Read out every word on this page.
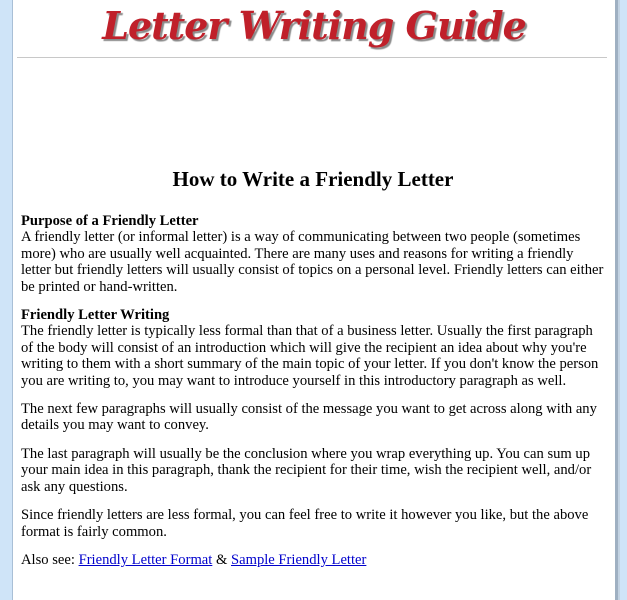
Letter Writing Guide
How to Write a Friendly Letter

Purpose of a Friendly Letter
A friendly letter (or informal letter) is a way of communicating between two people (sometimes more) who are usually well acquainted. There are many uses and reasons for writing a friendly letter but friendly letters will usually consist of topics on a personal level. Friendly letters can either be printed or hand-written.

Friendly Letter Writing
The friendly letter is typically less formal than that of a business letter. Usually the first paragraph of the body will consist of an introduction which will give the recipient an idea about why you're writing to them with a short summary of the main topic of your letter. If you don't know the person you are writing to, you may want to introduce yourself in this introductory paragraph as well.

The next few paragraphs will usually consist of the message you want to get across along with any details you may want to convey.

The last paragraph will usually be the conclusion where you wrap everything up. You can sum up your main idea in this paragraph, thank the recipient for their time, wish the recipient well, and/or ask any questions.

Since friendly letters are less formal, you can feel free to write it however you like, but the above format is fairly common.

Also see: Friendly Letter Format & Sample Friendly Letter
